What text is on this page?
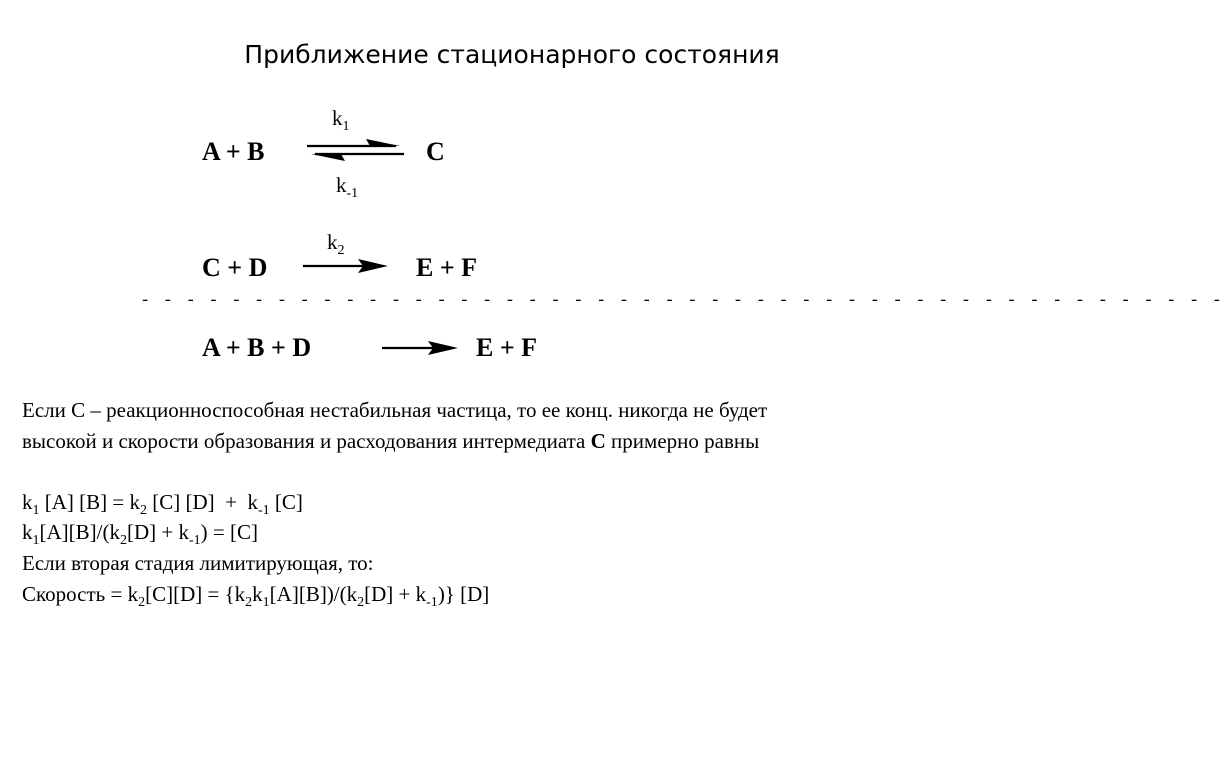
Приближение стационарного состояния
A + B	C
$k_1$
$k_{-1}$
C + D	E + F
$k_2$
- - - - - - - - - - - - - - - - - - - - - - - - - - - - - - - - - - - - - - - - - - - - - - - -
A + B + D	E + F
Если C – реакционноспособная нестабильная частица, то ее конц. никогда не будет
высокой и скорости образования и расходования интермедиата C примерно равны
$k_1$ [A] $[B] = k_2$ [C] $[D] + k_{-1}$ [C]
$k_1[A][B]/(k_2[D] + k_{-1}) = [C]$
Если вторая стадия лимитирующая, то:
Скорость = $k_2[C][D] = \{k_2k_1[A][B])/(k_2[D] + k_{-1})$} [D]
